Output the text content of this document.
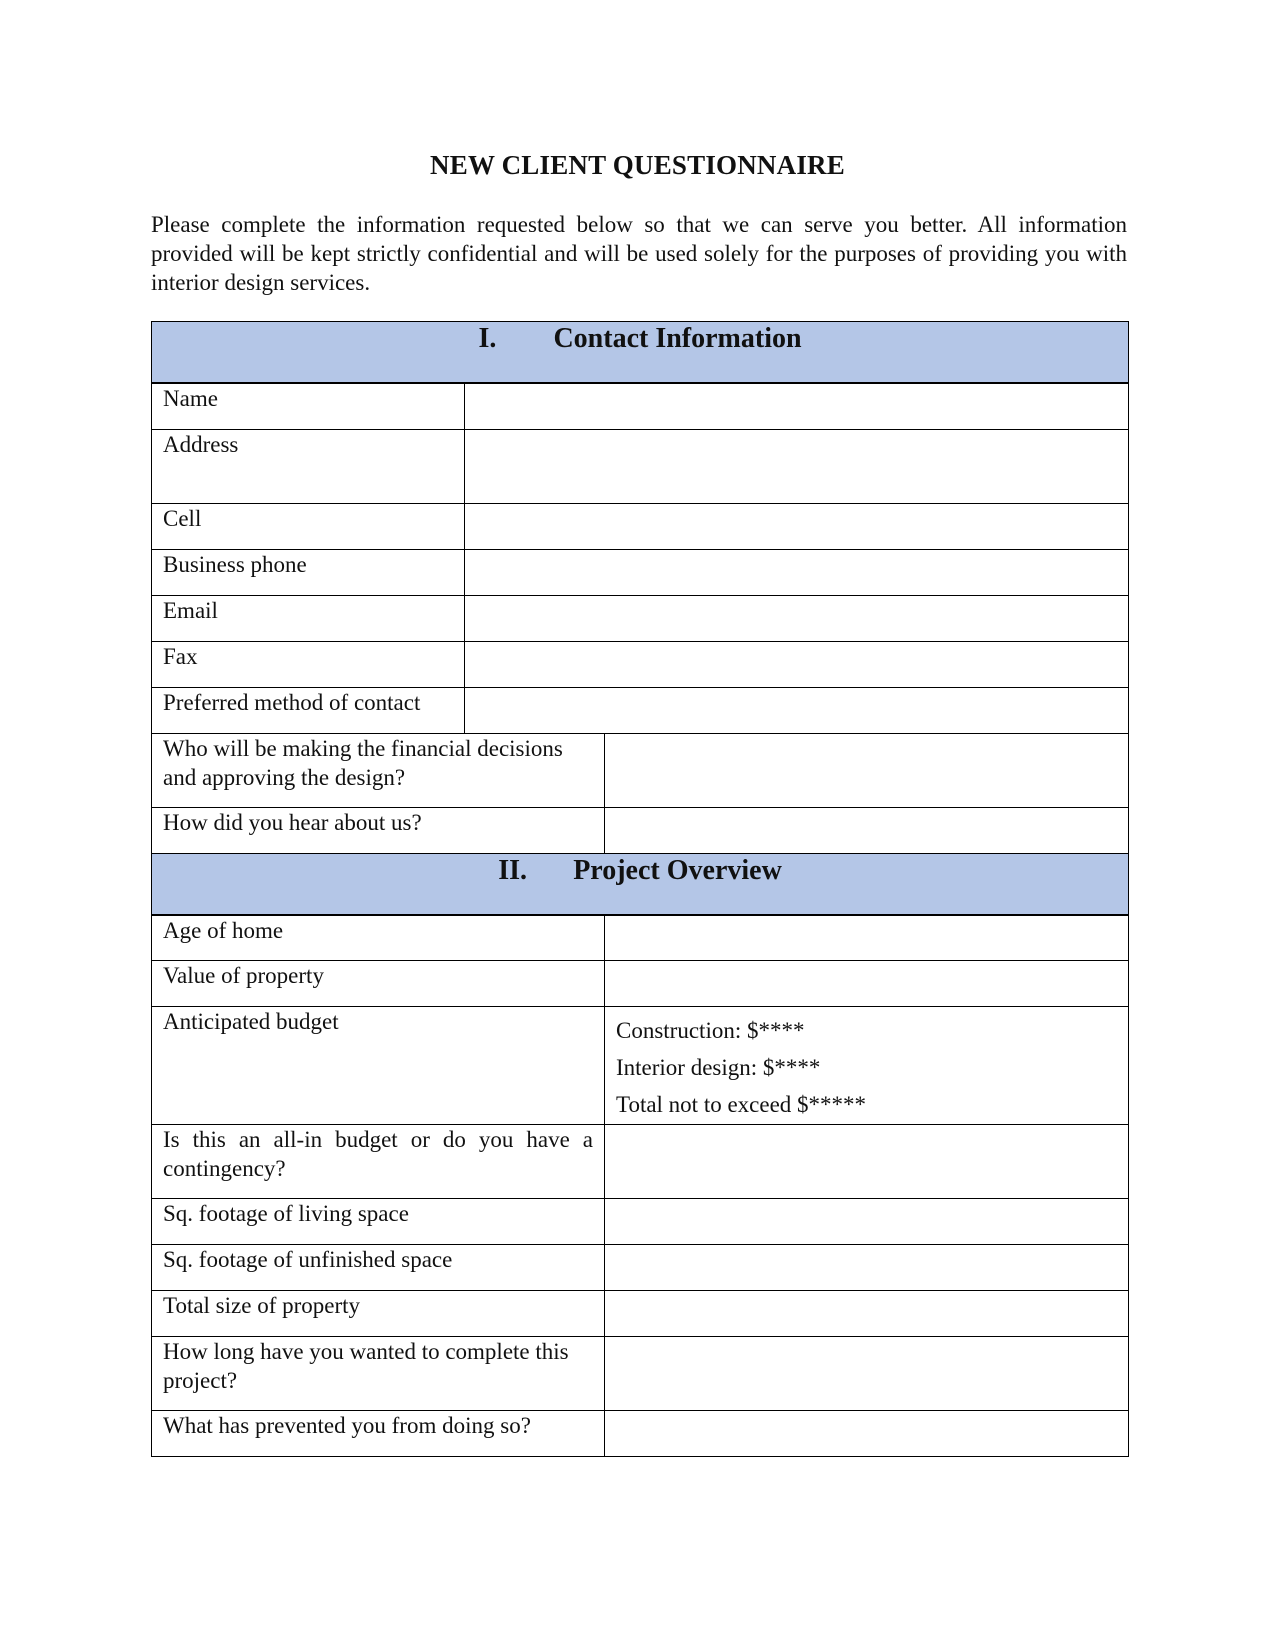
NEW CLIENT QUESTIONNAIRE
Please complete the information requested below so that we can serve you better. All information provided will be kept strictly confidential and will be used solely for the purposes of providing you with interior design services.
I. Contact Information		
Name		
Address		
Cell		
Business phone		
Email		
Fax		
Preferred method of contact		
Who will be making the financial decisions and approving the design?		
How did you hear about us?		
II. Project Overview		
Age of home		
Value of property		
Anticipated budget		Construction: $****
Interior design: $****
Total not to exceed $*****

Is this an all-in budget or do you have a contingency?		
Sq. footage of living space		
Sq. footage of unfinished space		
Total size of property		
How long have you wanted to complete this project?		
What has prevented you from doing so?		
